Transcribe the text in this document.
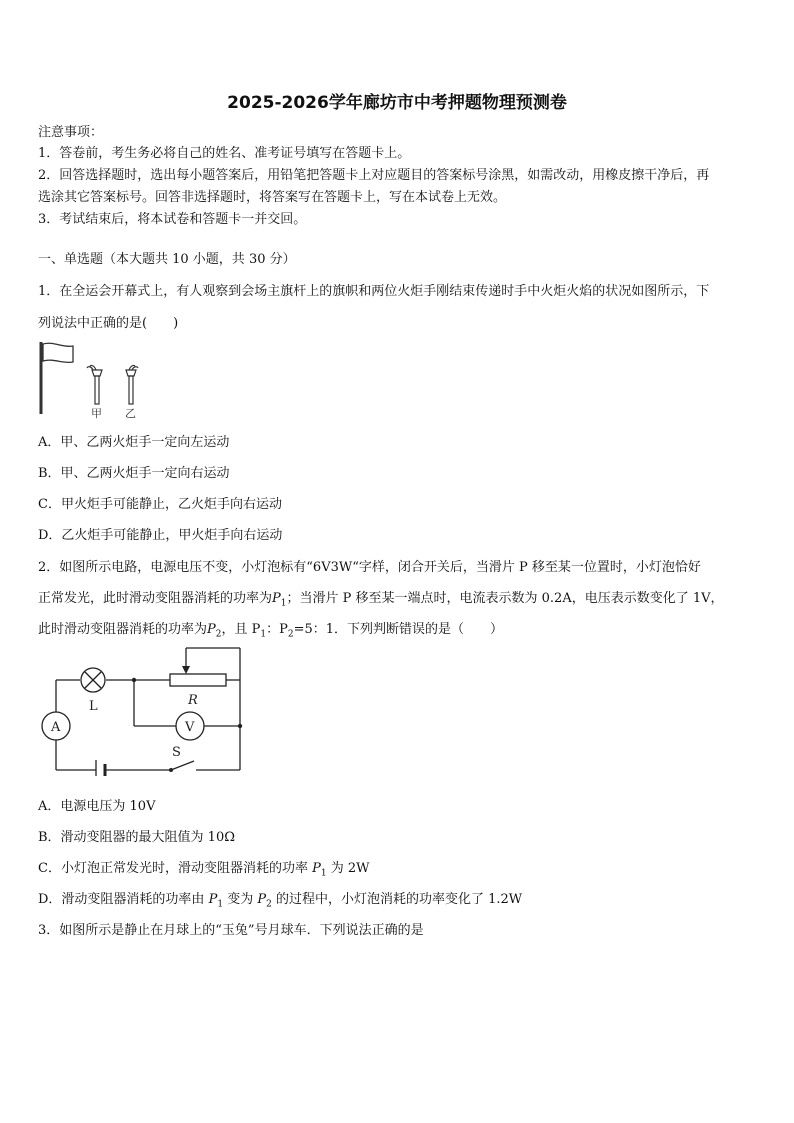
2025-2026学年廊坊市中考押题物理预测卷
注意事项：
1．答卷前，考生务必将自己的姓名、准考证号填写在答题卡上。
2．回答选择题时，选出每小题答案后，用铅笔把答题卡上对应题目的答案标号涂黑，如需改动，用橡皮擦干净后，再
选涂其它答案标号。回答非选择题时，将答案写在答题卡上，写在本试卷上无效。
3．考试结束后，将本试卷和答题卡一并交回。
一、单选题（本大题共 10 小题，共 30 分）
1．在全运会开幕式上，有人观察到会场主旗杆上的旗帜和两位火炬手刚结束传递时手中火炬火焰的状况如图所示，下
列说法中正确的是(　　)
甲 乙
A．甲、乙两火炬手一定向左运动
B．甲、乙两火炬手一定向右运动
C．甲火炬手可能静止，乙火炬手向右运动
D．乙火炬手可能静止，甲火炬手向右运动
2．如图所示电路，电源电压不变，小灯泡标有“6V3W“字样，闭合开关后，当滑片 P 移至某一位置时，小灯泡恰好
正常发光，此时滑动变阻器消耗的功率为$P_1$；当滑片 P 移至某一端点时，电流表示数为 0.2A，电压表示数变化了 1V，
此时滑动变阻器消耗的功率为$P_2$，且 $P_1$：$P_2=5$：1．下列判断错误的是（　　）
L	R
A	V
S
A．电源电压为 10V
B．滑动变阻器的最大阻值为 10Ω
C．小灯泡正常发光时，滑动变阻器消耗的功率 $P_1$ 为 2W
D．滑动变阻器消耗的功率由 $P_1$ 变为 $P_2$ 的过程中，小灯泡消耗的功率变化了 1.2W
3．如图所示是静止在月球上的“玉兔”号月球车．下列说法正确的是
